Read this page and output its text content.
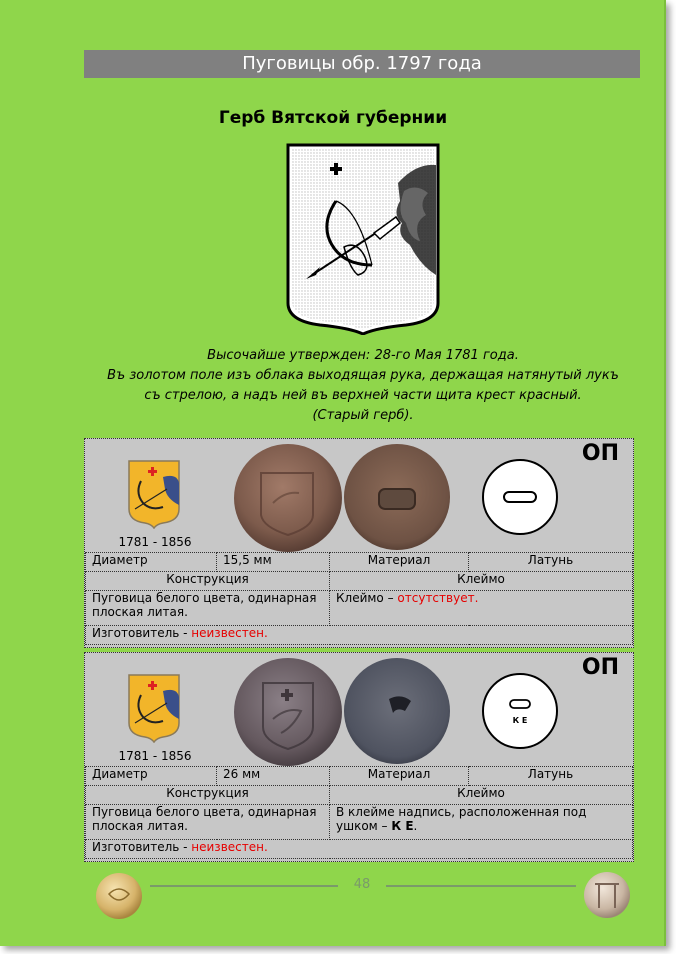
Пуговицы обр. 1797 года
Герб Вятской губернии
Высочайше утвержден: 28-го Мая 1781 года.
Въ золотом поле изъ облака выходящая рука, держащая натянутый лукъ
съ стрелою, а надъ ней въ верхней части щита крест красный.
(Старый герб).
1781 - 1856
ОП
Диаметр	15,5 мм	Материал	Латунь
Конструкция		Клеймо	
Пуговица белого цвета, одинарная плоская литая.		Клеймо – отсутствует.	
Изготовитель - неизвестен.			
1781 - 1856
К Е
ОП
Диаметр	26 мм	Материал	Латунь
Конструкция		Клеймо	
Пуговица белого цвета, одинарная плоская литая.		В клейме надпись, расположенная под ушком – К Е.	
Изготовитель - неизвестен.			
48
